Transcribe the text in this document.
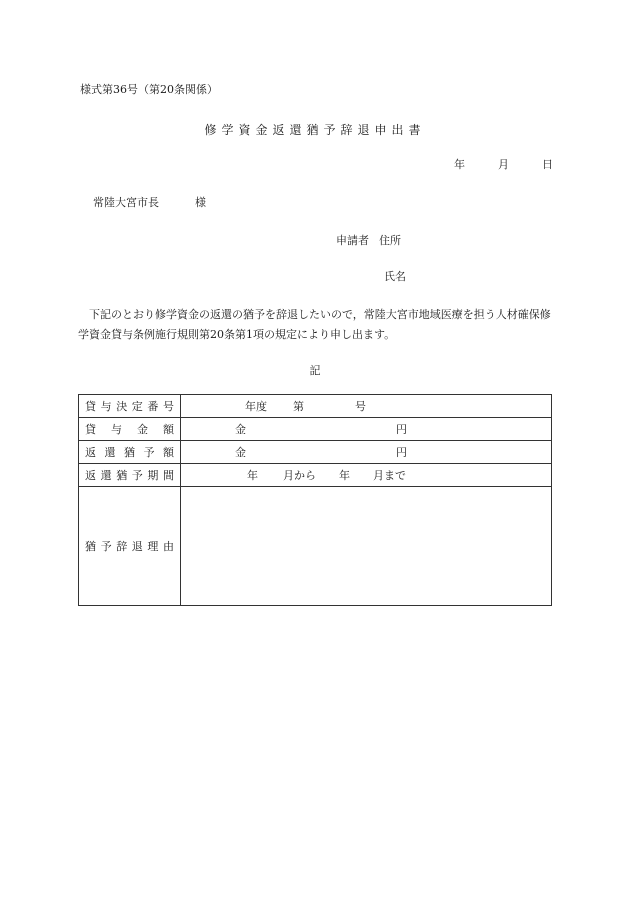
様式第36号（第20条関係）
修学資金返還猶予辞退申出書
年	月	日
常陸大宮市長	様
申請者 住所
氏名
下記のとおり修学資金の返還の猶予を辞退したいので，常陸大宮市地域医療を担う人材確保修学資金貸与条例施行規則第20条第1項の規定により申し出ます。
記
貸与決定番号	年度 第 号

貸与金額	金 円

返還猶予額	金 円

返還猶予期間	年 月から 年 月まで

猶予辞退理由	
